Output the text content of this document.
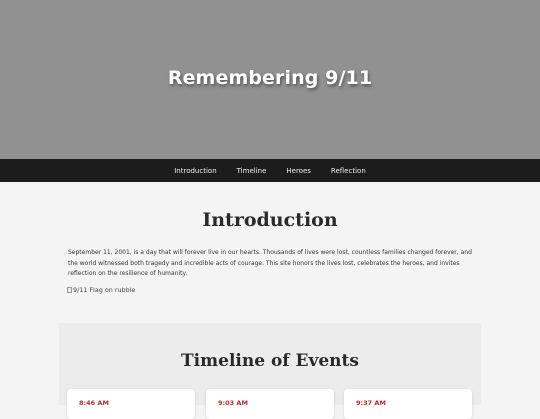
Remembering 9/11
Introduction	Timeline	Heroes	Reflection
Introduction

September 11, 2001, is a day that will forever live in our hearts. Thousands of lives were lost, countless families changed forever, and the world witnessed both tragedy and incredible acts of courage. This site honors the lives lost, celebrates the heroes, and invites reflection on the resilience of humanity.

9/11 Flag on rubble
Timeline of Events
8:46 AM	9:03 AM	9:37 AM
